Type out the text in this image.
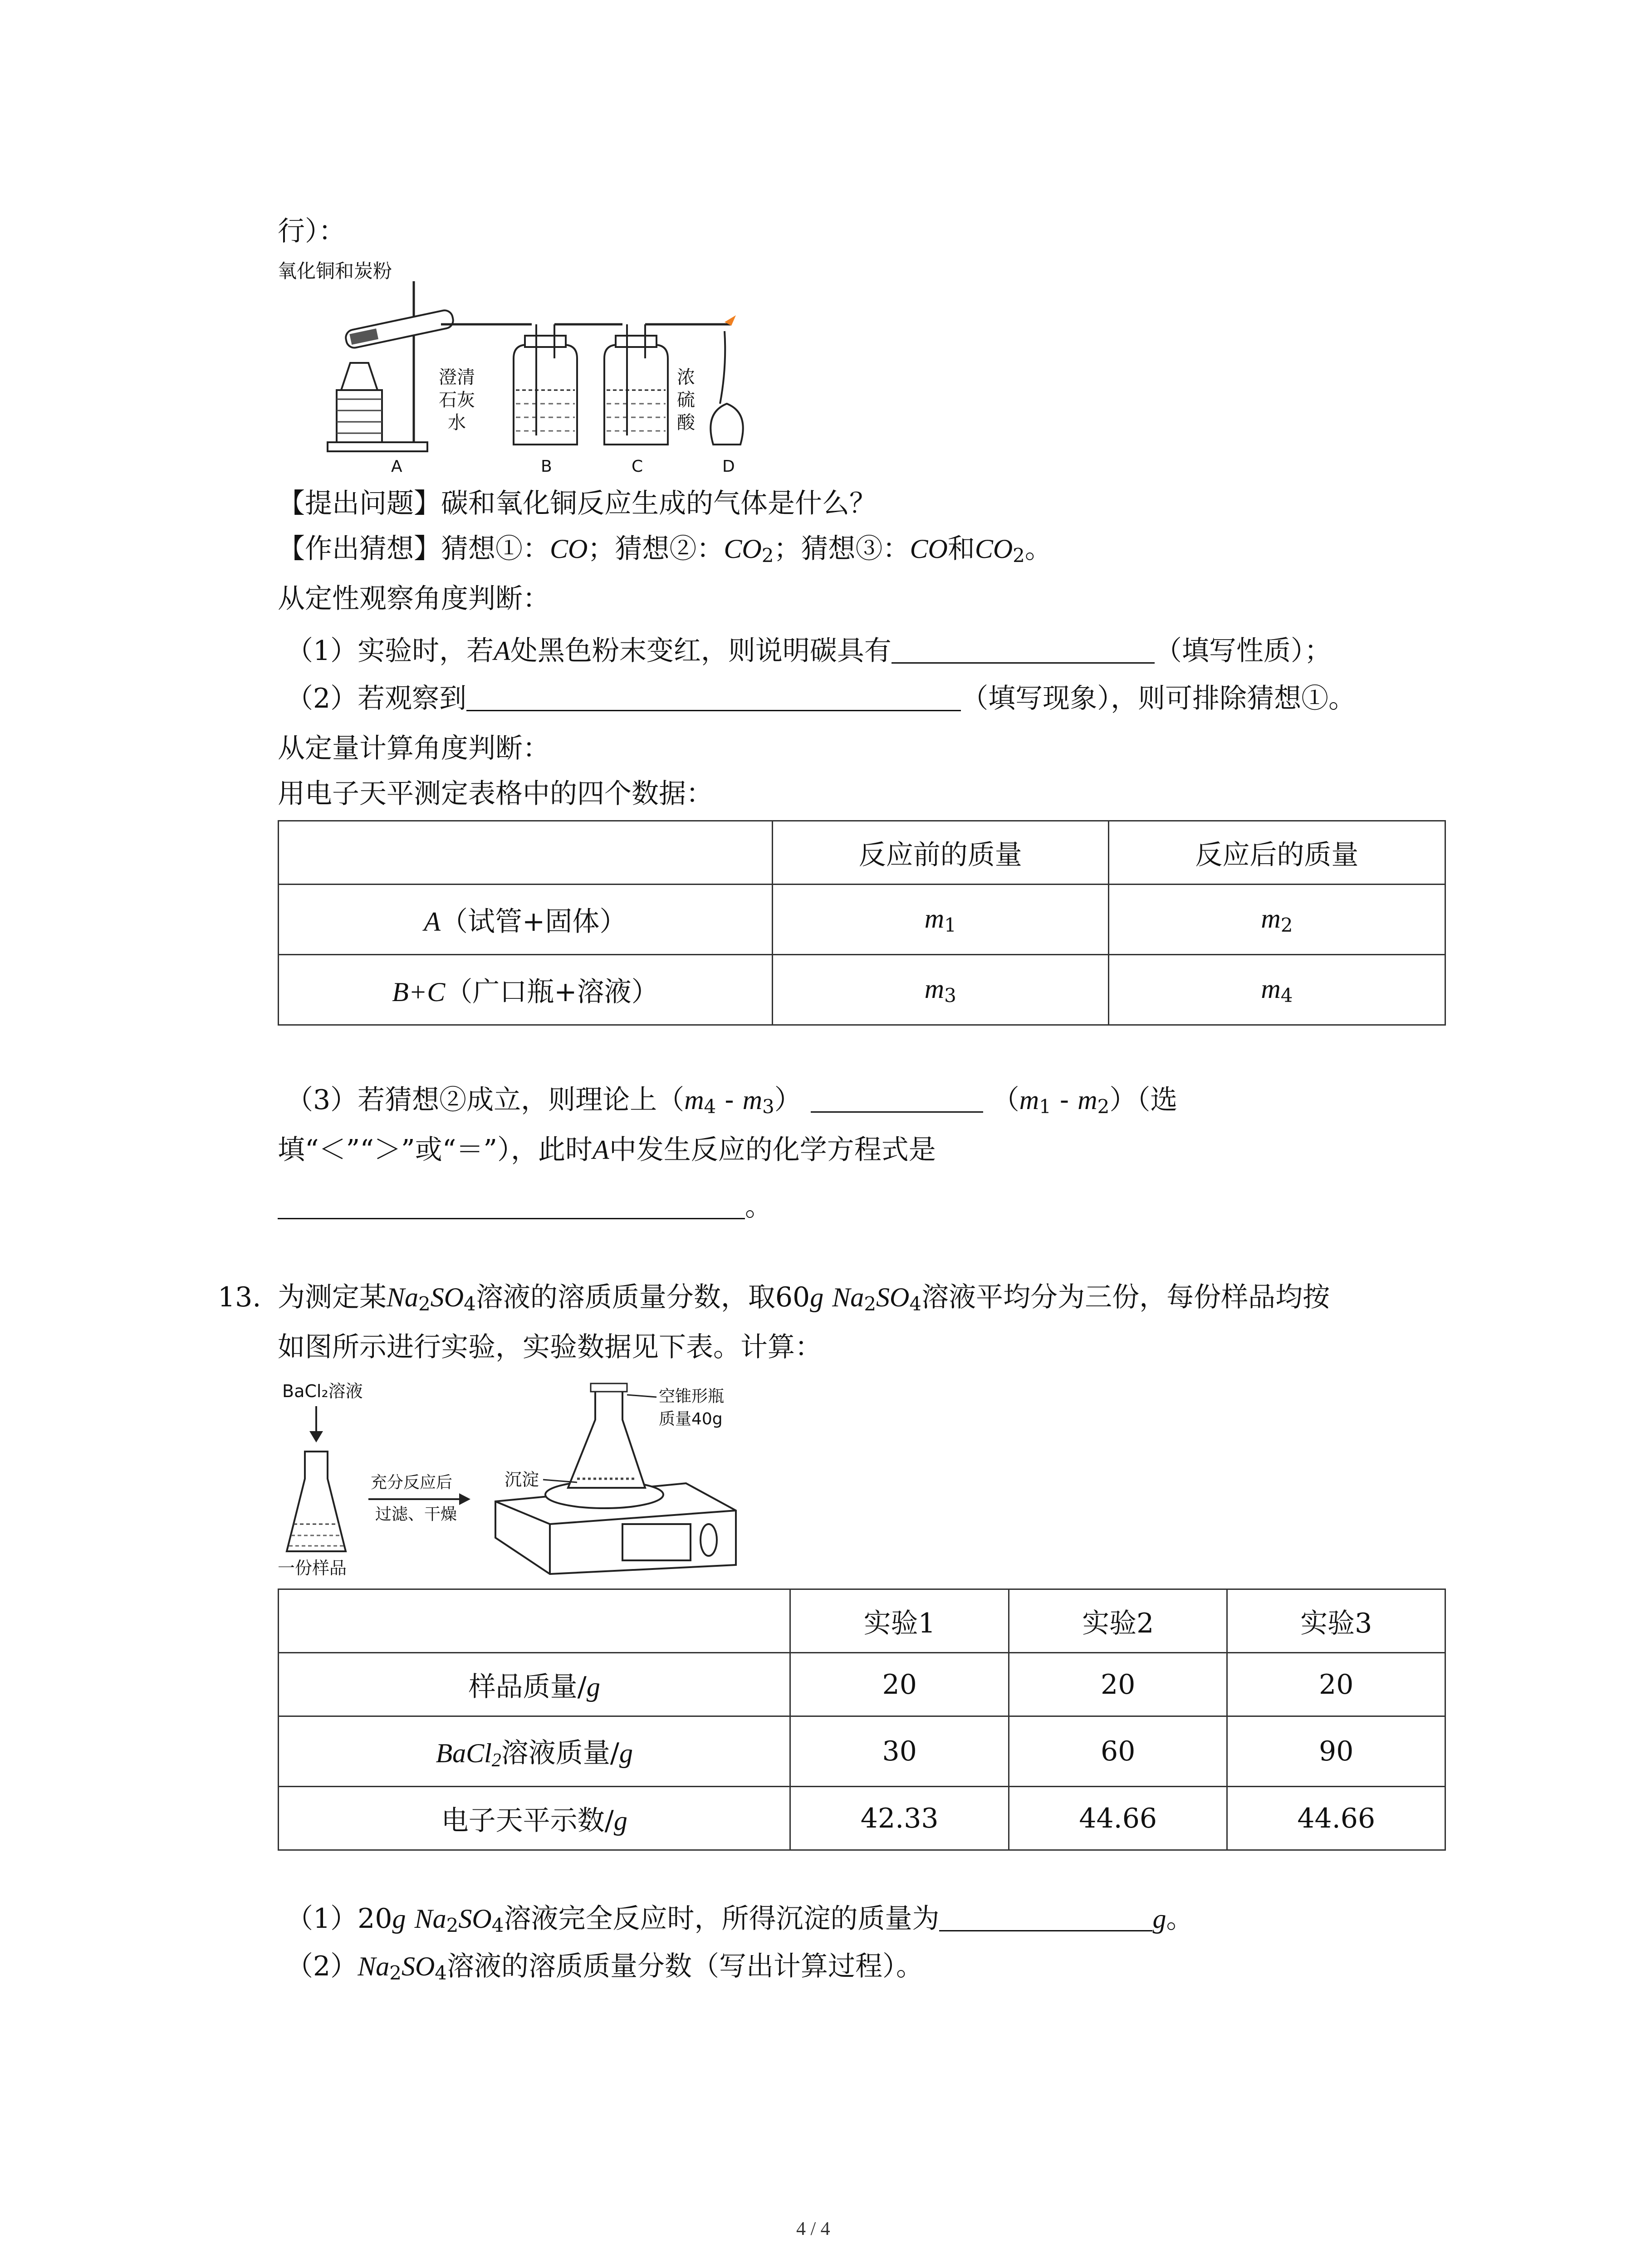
行）：
氧化铜和炭粉
澄清
石灰
水
浓
硫
酸
A	B	C	D
【提出问题】碳和氧化铜反应生成的气体是什么？
【作出猜想】猜想①：CO；猜想②：$CO_2$；猜想③：CO和$CO_2$。
从定性观察角度判断：
（1）实验时，若A处黑色粉末变红，则说明碳具有	（填写性质）；
（2）若观察到	（填写现象），则可排除猜想①。
从定量计算角度判断：
用电子天平测定表格中的四个数据：
	反应前的质量	反应后的质量
A（试管+固体）	$m_1$	$m_2$
B+C（广口瓶+溶液）	$m_3$	$m_4$
（3）若猜想②成立，则理论上$(m_4 - m_3)$	$(m_1 - m_2)$（选
填“＜”“＞”或“＝”），此时A中发生反应的化学方程式是
。
13. 为测定某$Na_2SO_4$溶液的溶质质量分数，取60g $Na_2SO_4$溶液平均分为三份，每份样品均按
如图所示进行实验，实验数据见下表。计算：
BaCl₂溶液
一份样品
充分反应后
过滤、干燥
沉淀
空锥形瓶
质量40g
	实验1	实验2	实验3
样品质量/g	20	20	20
BaCl$_2$溶液质量/g	30	60	90
电子天平示数/g	42.33	44.66	44.66
（1）20g $Na_2SO_4$溶液完全反应时，所得沉淀的质量为	g。
$(2)Na_2SO_4$溶液的溶质质量分数（写出计算过程）。
4 / 4
